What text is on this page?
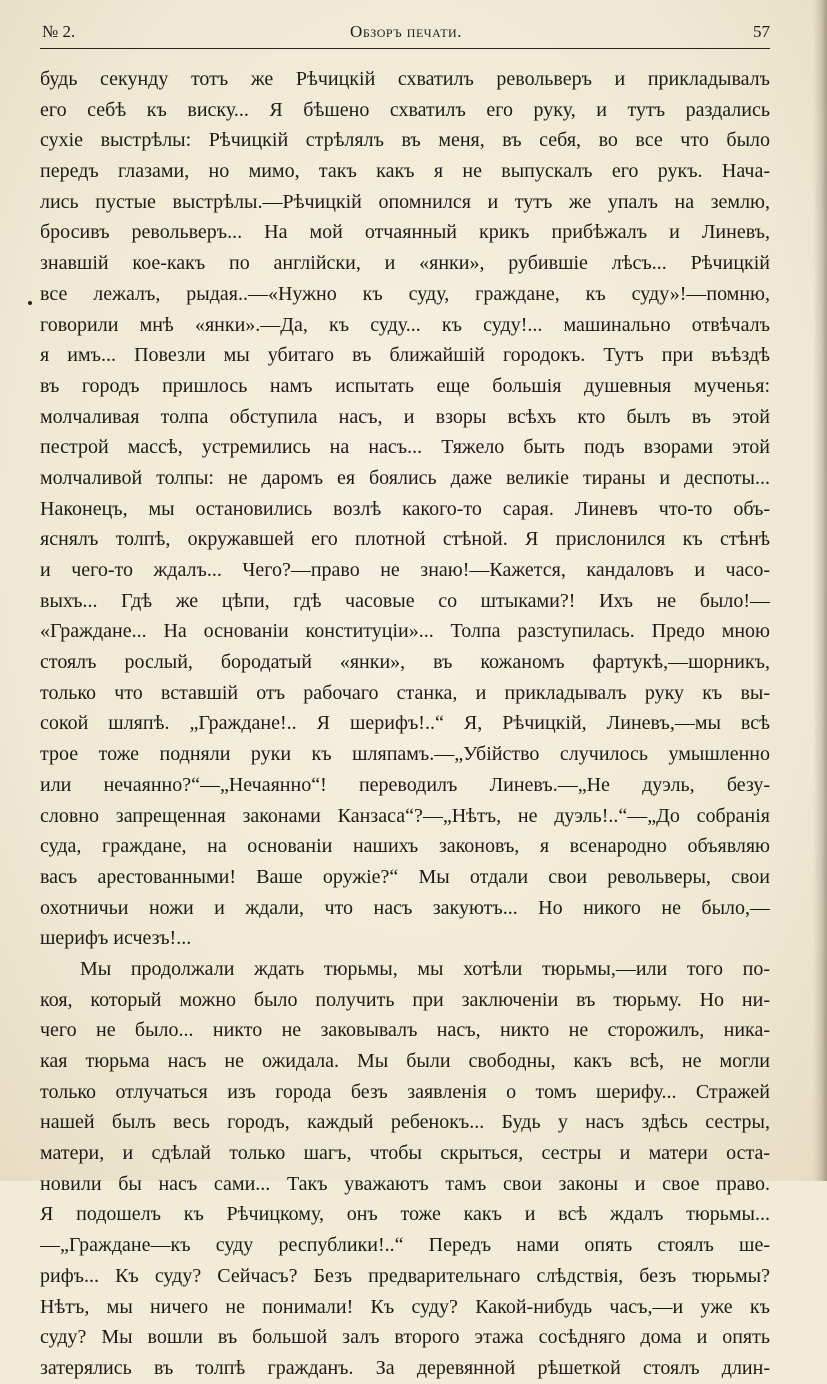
№ 2.	Обзоръ печати.	57
будь секунду тотъ же Рѣчицкій схватилъ револьверъ и прикладывалъ
его себѣ къ виску... Я бѣшено схватилъ его руку, и тутъ раздались
сухіе выстрѣлы: Рѣчицкій стрѣлялъ въ меня, въ себя, во все что было
передъ глазами, но мимо, такъ какъ я не выпускалъ его рукъ. Нача-
лись пустые выстрѣлы.—Рѣчицкій опомнился и тутъ же упалъ на землю,
бросивъ револьверъ... На мой отчаянный крикъ прибѣжалъ и Линевъ,
знавшій кое-какъ по англійски, и «янки», рубившіе лѣсъ... Рѣчицкій
все лежалъ, рыдая..—«Нужно къ суду, граждане, къ суду»!—помню,
говорили мнѣ «янки».—Да, къ суду... къ суду!... машинально отвѣчалъ
я имъ... Повезли мы убитаго въ ближайшій городокъ. Тутъ при въѣздѣ
въ городъ пришлось намъ испытать еще большія душевныя мученья:
молчаливая толпа обступила насъ, и взоры всѣхъ кто былъ въ этой
пестрой массѣ, устремились на насъ... Тяжело быть подъ взорами этой
молчаливой толпы: не даромъ ея боялись даже великіе тираны и деспоты...
Наконецъ, мы остановились возлѣ какого-то сарая. Линевъ что-то объ-
яснялъ толпѣ, окружавшей его плотной стѣной. Я прислонился къ стѣнѣ
и чего-то ждалъ... Чего?—право не знаю!—Кажется, кандаловъ и часо-
выхъ... Гдѣ же цѣпи, гдѣ часовые со штыками?! Ихъ не было!—
«Граждане... На основаніи конституціи»... Толпа разступилась. Предо мною
стоялъ рослый, бородатый «янки», въ кожаномъ фартукѣ,—шорникъ,
только что вставшій отъ рабочаго станка, и прикладывалъ руку къ вы-
сокой шляпѣ. „Граждане!.. Я шерифъ!..“ Я, Рѣчицкій, Линевъ,—мы всѣ
трое тоже подняли руки къ шляпамъ.—„Убійство случилось умышленно
или нечаянно?“—„Нечаянно“! переводилъ Линевъ.—„Не дуэль, безу-
словно запрещенная законами Канзаса“?—„Нѣтъ, не дуэль!..“—„До собранія
суда, граждане, на основаніи нашихъ законовъ, я всенародно объявляю
васъ арестованными! Ваше оружіе?“ Мы отдали свои револьверы, свои
охотничьи ножи и ждали, что насъ закуютъ... Но никого не было,—
шерифъ исчезъ!...
Мы продолжали ждать тюрьмы, мы хотѣли тюрьмы,—или того по-
коя, который можно было получить при заключеніи въ тюрьму. Но ни-
чего не было... никто не заковывалъ насъ, никто не сторожилъ, ника-
кая тюрьма насъ не ожидала. Мы были свободны, какъ всѣ, не могли
только отлучаться изъ города безъ заявленія о томъ шерифу... Стражей
нашей былъ весь городъ, каждый ребенокъ... Будь у насъ здѣсь сестры,
матери, и сдѣлай только шагъ, чтобы скрыться, сестры и матери оста-
новили бы насъ сами... Такъ уважаютъ тамъ свои законы и свое право.
Я подошелъ къ Рѣчицкому, онъ тоже какъ и всѣ ждалъ тюрьмы...
—„Граждане—къ суду республики!..“ Передъ нами опять стоялъ ше-
рифъ... Къ суду? Сейчасъ? Безъ предварительнаго слѣдствія, безъ тюрьмы?
Нѣтъ, мы ничего не понимали! Къ суду? Какой-нибудь часъ,—и уже къ
суду? Мы вошли въ большой залъ второго этажа сосѣдняго дома и опять
затерялись въ толпѣ гражданъ. За деревянной рѣшеткой стоялъ длин-
